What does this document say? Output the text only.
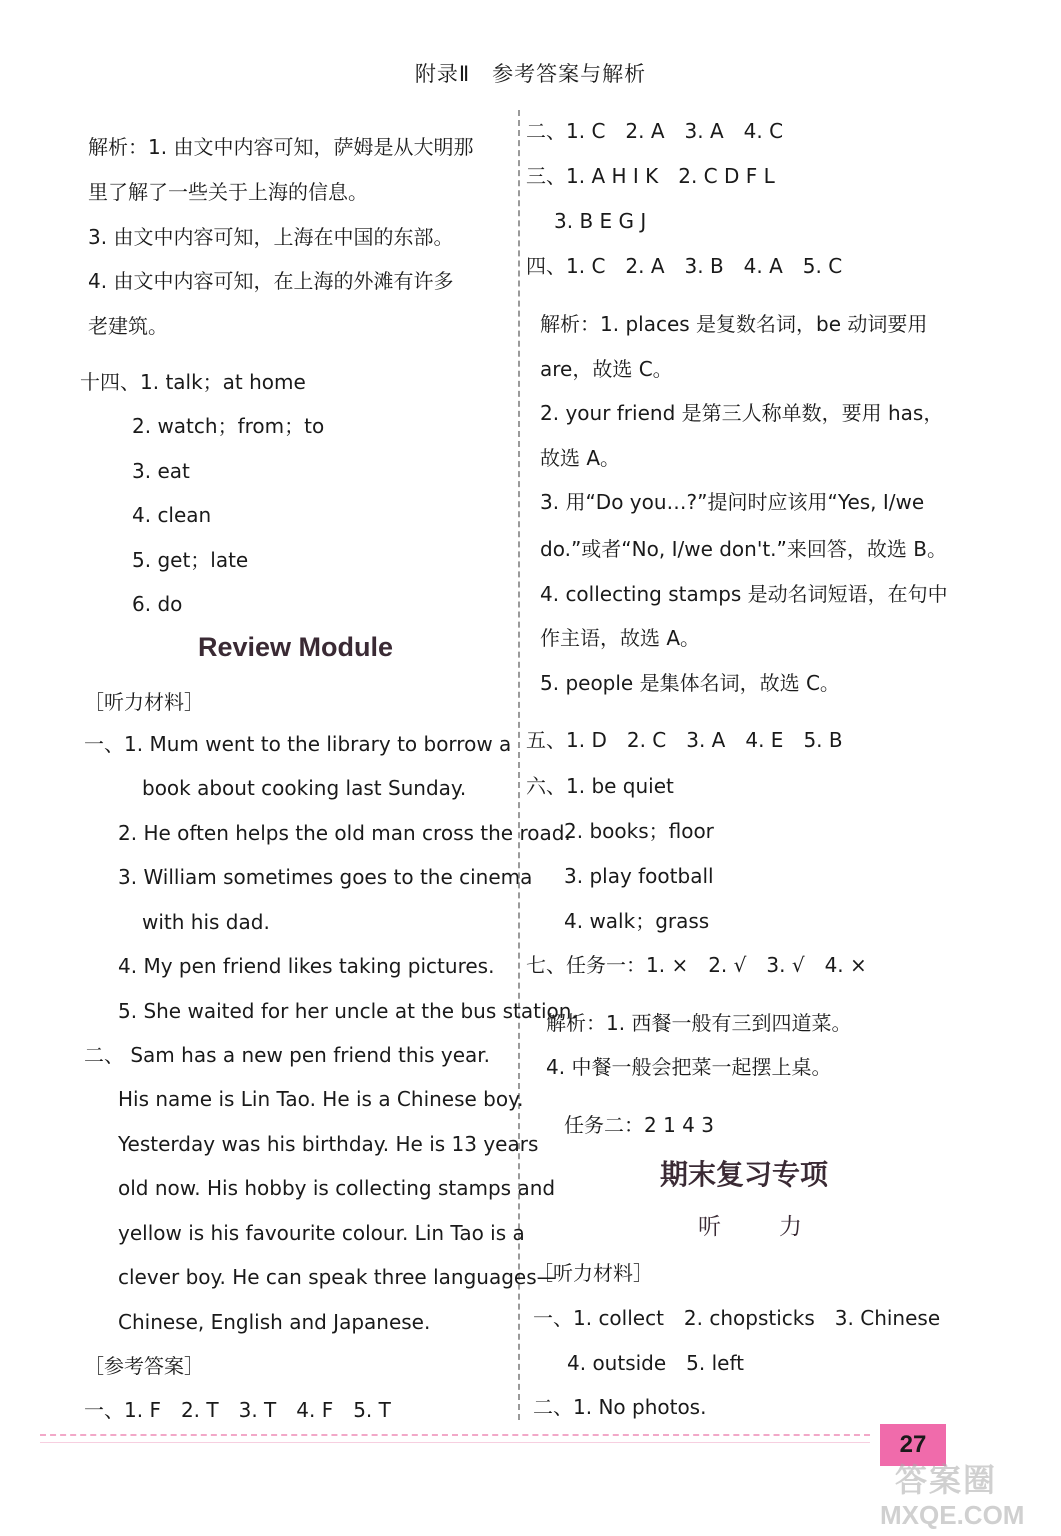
附录Ⅱ　参考答案与解析
解析：1. 由文中内容可知，萨姆是从大明那
里了解了一些关于上海的信息。
3. 由文中内容可知，上海在中国的东部。
4. 由文中内容可知，在上海的外滩有许多
老建筑。
十四、1. talk；at home
2. watch；from；to
3. eat
4. clean
5. get；late
6. do
［听力材料］
一、1. Mum went to the library to borrow a
book about cooking last Sunday.
2. He often helps the old man cross the road.
3. William sometimes goes to the cinema
with his dad.
4. My pen friend likes taking pictures.
5. She waited for her uncle at the bus station.
二、 Sam has a new pen friend this year.
His name is Lin Tao. He is a Chinese boy.
Yesterday was his birthday. He is 13 years
old now. His hobby is collecting stamps and
yellow is his favourite colour. Lin Tao is a
clever boy. He can speak three languages—
Chinese, English and Japanese.
［参考答案］
一、1. F　2. T　3. T　4. F　5. T
二、1. C　2. A　3. A　4. C
三、1. A H I K　2. C D F L
3. B E G J
四、1. C　2. A　3. B　4. A　5. C
解析：1. places 是复数名词，be 动词要用
are，故选 C。
2. your friend 是第三人称单数，要用 has，
故选 A。
3. 用“Do you…?”提问时应该用“Yes, I/we
do.”或者“No, I/we don't.”来回答，故选 B。
4. collecting stamps 是动名词短语，在句中
作主语，故选 A。
5. people 是集体名词，故选 C。
五、1. D　2. C　3. A　4. E　5. B
六、1. be quiet
2. books；floor
3. play football
4. walk；grass
七、任务一：1. ×　2. √　3. √　4. ×
解析：1. 西餐一般有三到四道菜。
4. 中餐一般会把菜一起摆上桌。
任务二：2 1 4 3
［听力材料］
一、1. collect　2. chopsticks　3. Chinese
4. outside　5. left
二、1. No photos.
Review Module
期末复习专项
听力
27
答案圈
MXQE.COM
